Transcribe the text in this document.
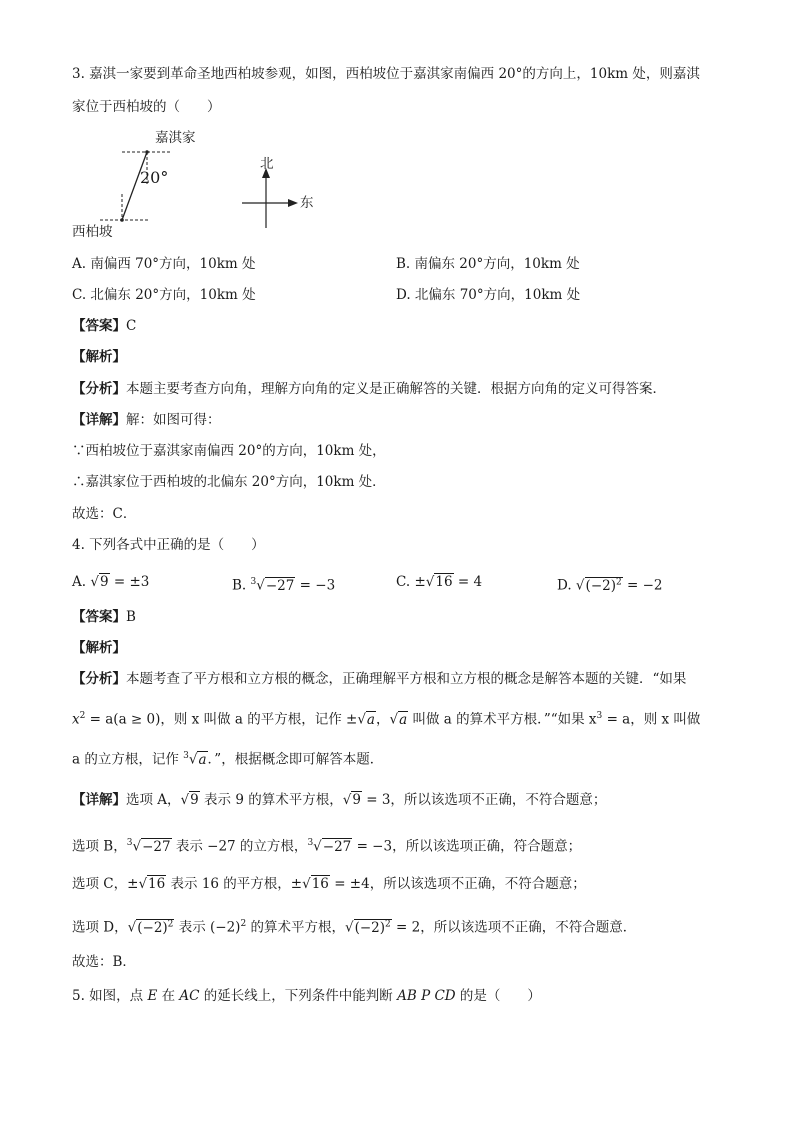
3. 嘉淇一家要到革命圣地西柏坡参观，如图，西柏坡位于嘉淇家南偏西 20°的方向上，10km 处，则嘉淇
家位于西柏坡的（　　）
嘉淇家
20°
西柏坡
北
东
A. 南偏西 70°方向，10km 处	B. 南偏东 20°方向，10km 处
C. 北偏东 20°方向，10km 处	D. 北偏东 70°方向，10km 处
【答案】C
【解析】
【分析】本题主要考查方向角，理解方向角的定义是正确解答的关键．根据方向角的定义可得答案．
【详解】解：如图可得：
∵西柏坡位于嘉淇家南偏西 20°的方向，10km 处，
∴嘉淇家位于西柏坡的北偏东 20°方向，10km 处．
故选：C．
4. 下列各式中正确的是（　　）
A. √9 = ±3	B. $^3$√−27 = −3	C. ±√16 = 4	D. $√(-2)^2 = -2$
【答案】B
【解析】
【分析】本题考查了平方根和立方根的概念，正确理解平方根和立方根的概念是解答本题的关键．“如果
$x^2 = a(a \ge 0)$，则 x 叫做 a 的平方根，记作 ±√a，√a 叫做 a 的算术平方根．”“如果 $x^3 = a$，则 x 叫做
a 的立方根，记作 $^3$√a．”，根据概念即可解答本题．
【详解】选项 A，√9 表示 9 的算术平方根，√9 = 3，所以该选项不正确，不符合题意；
选项 B，$^3$√−27 表示 −27 的立方根，$^3$√−27 = −3，所以该选项正确，符合题意；
选项 C，±√16 表示 16 的平方根，±√16 = ±4，所以该选项不正确，不符合题意；
选项 D，$√(-2)^2$ 表示 $(-2)^2$ 的算术平方根，$√(-2)^2 = 2$，所以该选项不正确，不符合题意．
故选：B．
5. 如图，点 E 在 AC 的延长线上，下列条件中能判断 AB P CD 的是（　　）
